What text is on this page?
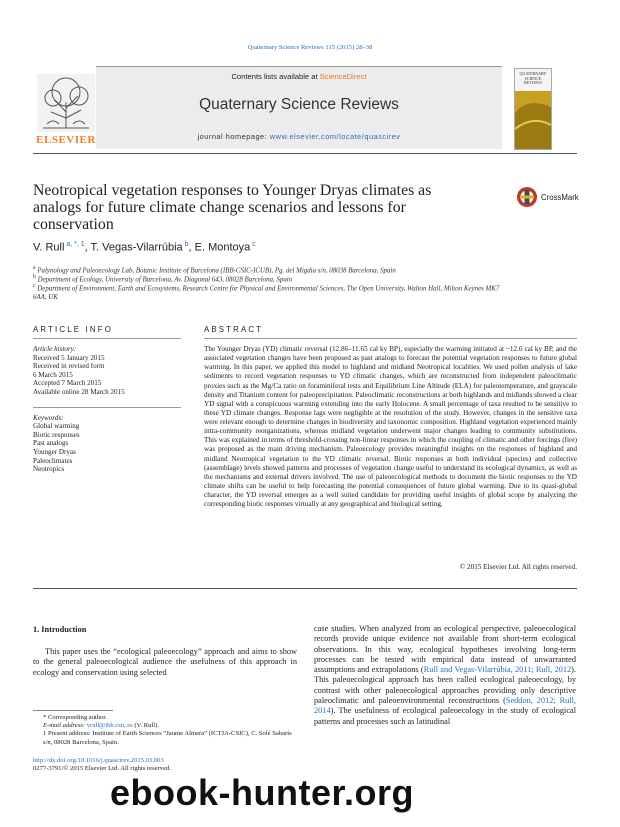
Quaternary Science Reviews 115 (2015) 28–38
Contents lists available at ScienceDirect
Quaternary Science Reviews
journal homepage: www.elsevier.com/locate/quascirev
ELSEVIER
QUATERNARY SCIENCE REVIEWS
Neotropical vegetation responses to Younger Dryas climates as analogs for future climate change scenarios and lessons for conservation
CrossMark
V. Rull $^{a, *, 1}$, T. Vegas-Vilarrúbia $^b$, E. Montoya $^c$
$^a$ Palynology and Paleoecology Lab, Botanic Institute of Barcelona (IBB-CSIC-ICUB), Pg. del Migdia s/n, 08038 Barcelona, Spain
$^b$ Department of Ecology, University of Barcelona, Av. Diagonal 643, 08028 Barcelona, Spain
$^c$ Department of Environment, Earth and Ecosystems, Research Centre for Physical and Environmental Sciences, The Open University, Walton Hall, Milton Keynes MK7 6AA, UK
ARTICLE INFO	ABSTRACT
Article history:
Received 5 January 2015
Received in revised form
6 March 2015
Accepted 7 March 2015
Available online 28 March 2015
Keywords:
Global warming
Biotic responses
Past analogs
Younger Dryas
Paleoclimates
Neotropics
The Younger Dryas (YD) climatic reversal (12.86–11.65 cal ky BP), especially the warming initiated at ~12.6 cal ky BP, and the associated vegetation changes have been proposed as past analogs to forecast the potential vegetation responses to future global warming. In this paper, we applied this model to highland and midland Neotropical localities. We used pollen analysis of lake sediments to record vegetation responses to YD climatic changes, which are reconstructed from independent paleoclimatic proxies such as the Mg/Ca ratio on foraminiferal tests and Equilibrium Line Altitude (ELA) for paleotemperature, and grayscale density and Titanium content for paleoprecipitation. Paleoclimatic reconstructions at both highlands and midlands showed a clear YD signal with a conspicuous warming extending into the early Holocene. A small percentage of taxa resulted to be sensitive to these YD climate changes. Response lags were negligible at the resolution of the study. However, changes in the sensitive taxa were relevant enough to determine changes in biodiversity and taxonomic composition. Highland vegetation experienced mainly intra-community reorganizations, whereas midland vegetation underwent major changes leading to community substitutions. This was explained in terms of threshold-crossing non-linear responses in which the coupling of climatic and other forcings (fire) was proposed as the main driving mechanism. Paleoecology provides meaningful insights on the responses of highland and midland Neotropical vegetation to the YD climatic reversal. Biotic responses at both individual (species) and collective (assemblage) levels showed patterns and processes of vegetation change useful to understand its ecological dynamics, as well as the mechanisms and external drivers involved. The use of paleoecological methods to document the biotic responses to the YD climate shifts can be useful to help forecasting the potential consequences of future global warming. Due to its quasi-global character, the YD reversal emerges as a well suited candidate for providing useful insights of global scope by analyzing the corresponding biotic responses virtually at any geographical and biological setting.
© 2015 Elsevier Ltd. All rights reserved.
1. Introduction
This paper uses the “ecological paleoecology” approach and aims to show to the general paleoecological audience the usefulness of this approach in ecology and conservation using selected
case studies. When analyzed from an ecological perspective, paleoecological records provide unique evidence not available from short-term ecological observations. In this way, ecological hypotheses involving long-term processes can be tested with empirical data instead of unwarranted assumptions and extrapolations (Rull and Vegas-Vilarrúbia, 2011; Rull, 2012). This paleoecological approach has been called ecological paleoecology, by contrast with other paleoecological approaches providing only descriptive paleoclimatic and paleoenvironmental reconstructions (Seddon, 2012; Rull, 2014). The usefulness of ecological paleoecology in the study of ecological patterns and processes such as latitudinal
* Corresponding author.
E-mail address: vrull@ibb.csic.es (V. Rull).
1 Present address: Institute of Earth Sciences “Jaume Almera” (ICTJA-CSIC), C. Solé Sabarís s/n, 08028 Barcelona, Spain.
http://dx.doi.org/10.1016/j.quascirev.2015.03.003
0277-3791/© 2015 Elsevier Ltd. All rights reserved.
ebook-hunter.org
